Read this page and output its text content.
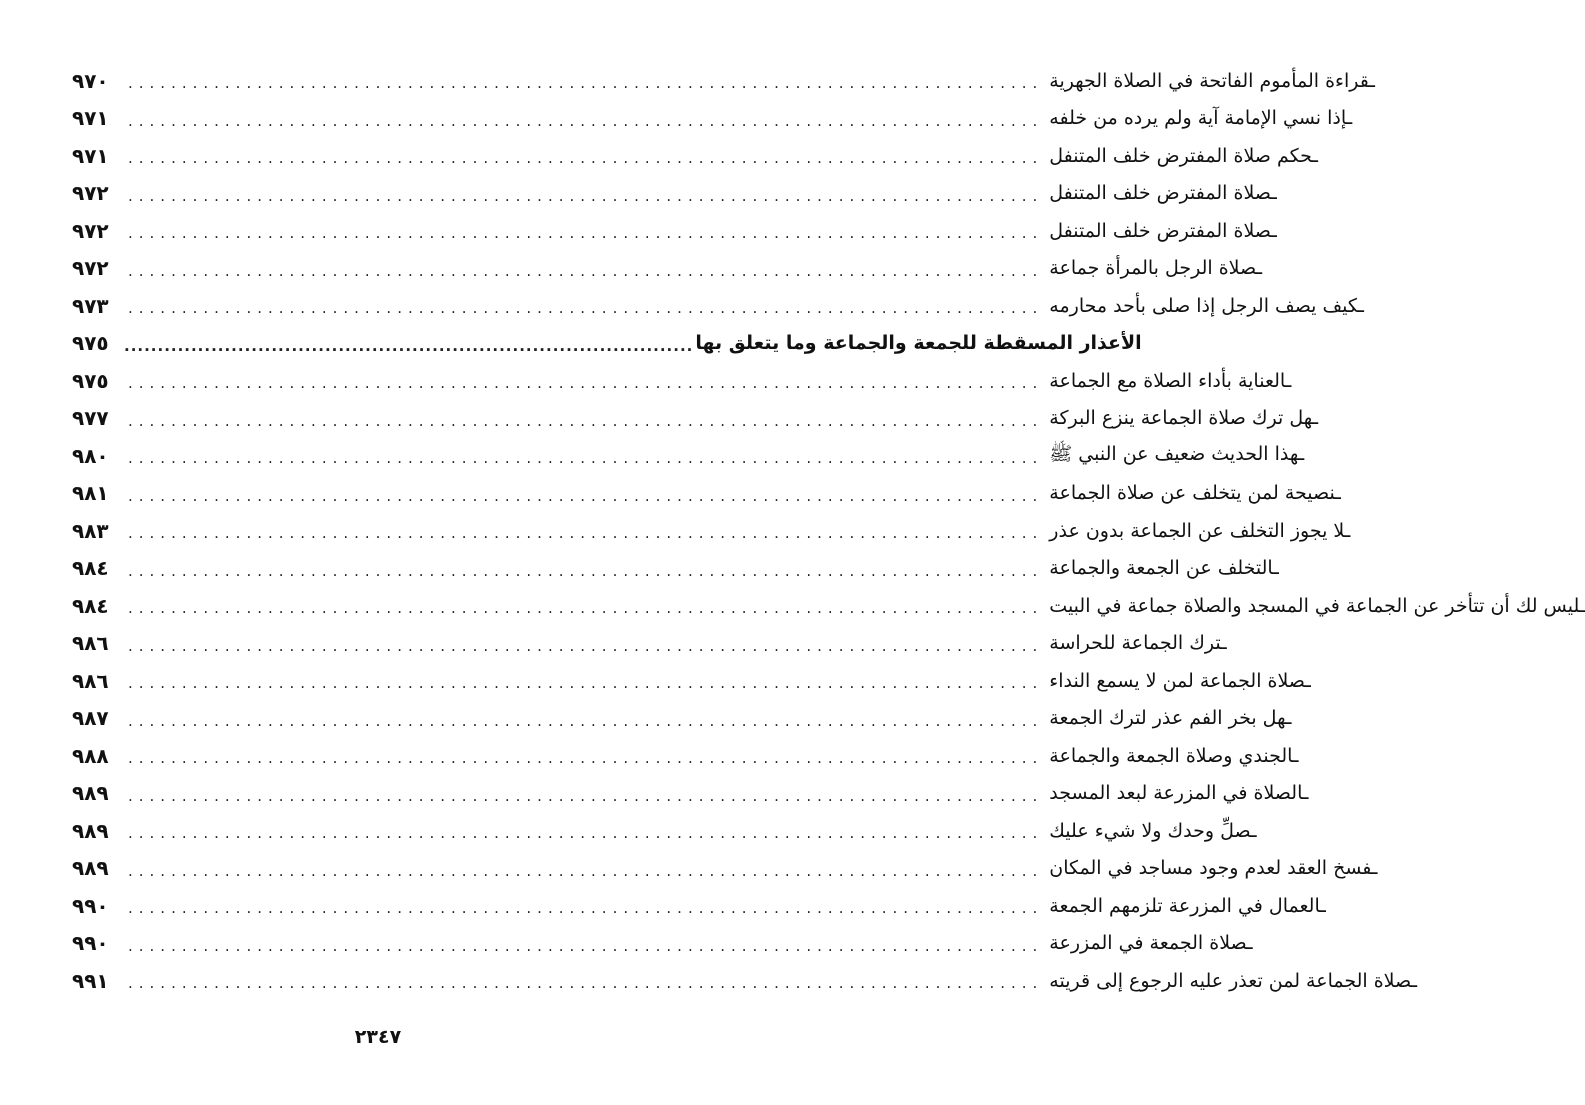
٩٧٠	..................................................................................... ـقراءة المأموم الفاتحة في الصلاة الجهرية
٩٧١	..................................................................................... ـإذا نسي الإمامة آية ولم يرده من خلفه
٩٧١	..................................................................................... ـحكم صلاة المفترض خلف المتنفل
٩٧٢	..................................................................................... ـصلاة المفترض خلف المتنفل
٩٧٢	..................................................................................... ـصلاة المفترض خلف المتنفل
٩٧٢	..................................................................................... ـصلاة الرجل بالمرأة جماعة
٩٧٣	..................................................................................... ـكيف يصف الرجل إذا صلى بأحد محارمه
٩٧٥	..................................................................................... الأعذار المسقطة للجمعة والجماعة وما يتعلق بها
٩٧٥	..................................................................................... ـالعناية بأداء الصلاة مع الجماعة
٩٧٧	..................................................................................... ـهل ترك صلاة الجماعة ينزع البركة
٩٨٠	..................................................................................... ـهذا الحديث ضعيف عن النبي ﷺ
٩٨١	..................................................................................... ـنصيحة لمن يتخلف عن صلاة الجماعة
٩٨٣	..................................................................................... ـلا يجوز التخلف عن الجماعة بدون عذر
٩٨٤	..................................................................................... ـالتخلف عن الجمعة والجماعة
٩٨٤	..................................................................................... ـليس لك أن تتأخر عن الجماعة في المسجد والصلاة جماعة في البيت
٩٨٦	..................................................................................... ـترك الجماعة للحراسة
٩٨٦	..................................................................................... ـصلاة الجماعة لمن لا يسمع النداء
٩٨٧	..................................................................................... ـهل بخر الفم عذر لترك الجمعة
٩٨٨	..................................................................................... ـالجندي وصلاة الجمعة والجماعة
٩٨٩	..................................................................................... ـالصلاة في المزرعة لبعد المسجد
٩٨٩	..................................................................................... ـصلِّ وحدك ولا شيء عليك
٩٨٩	..................................................................................... ـفسخ العقد لعدم وجود مساجد في المكان
٩٩٠	..................................................................................... ـالعمال في المزرعة تلزمهم الجمعة
٩٩٠	..................................................................................... ـصلاة الجمعة في المزرعة
٩٩١	..................................................................................... ـصلاة الجماعة لمن تعذر عليه الرجوع إلى قريته
٢٣٤٧
